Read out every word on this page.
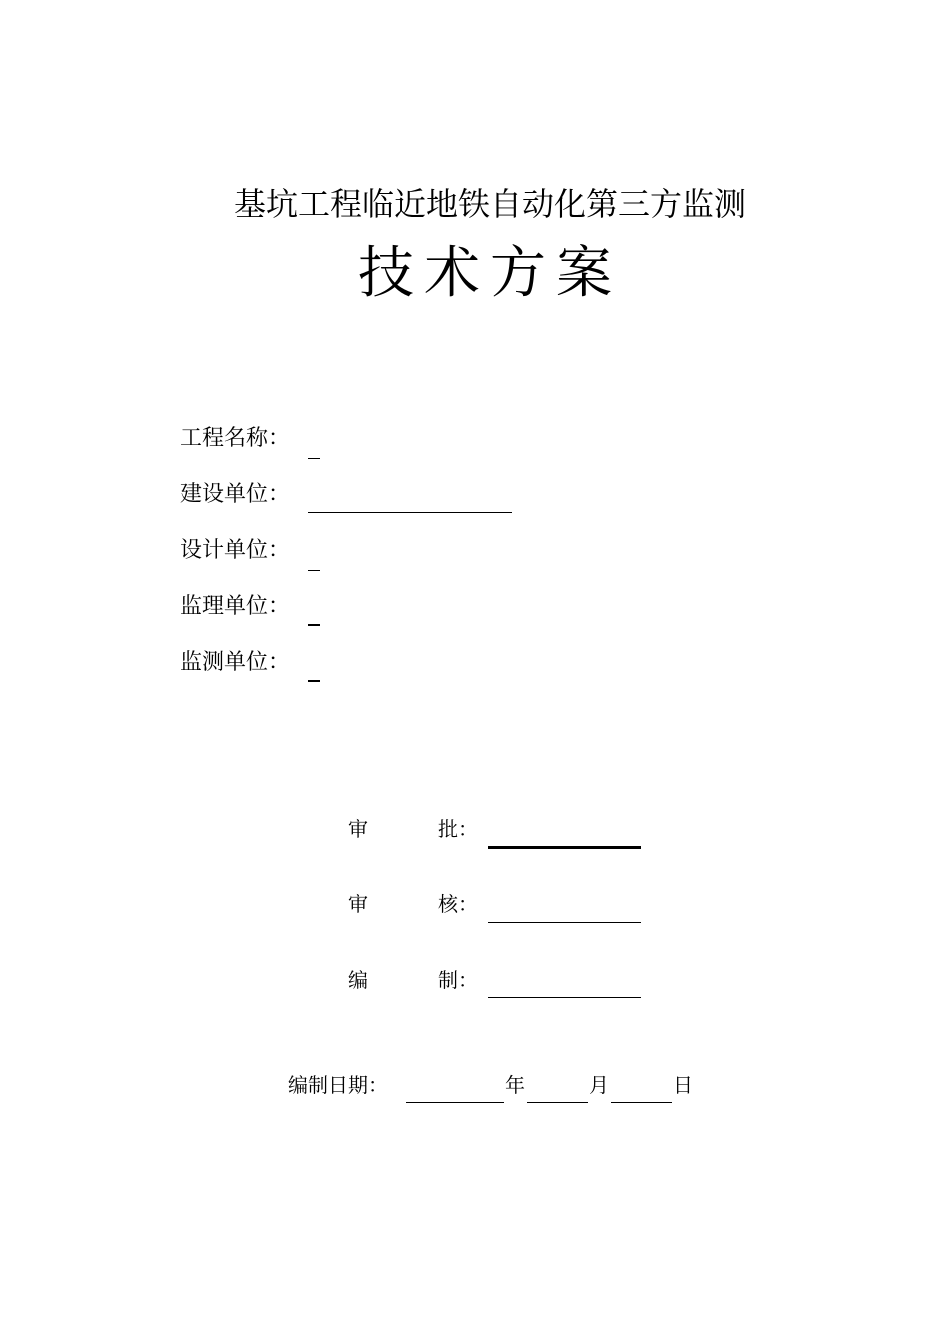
基坑工程临近地铁自动化第三方监测
技术方案
工程名称：
建设单位：
设计单位：
监理单位：
监测单位：
审	批：
审	核：
编	制：
编制日期：	年	月	日
